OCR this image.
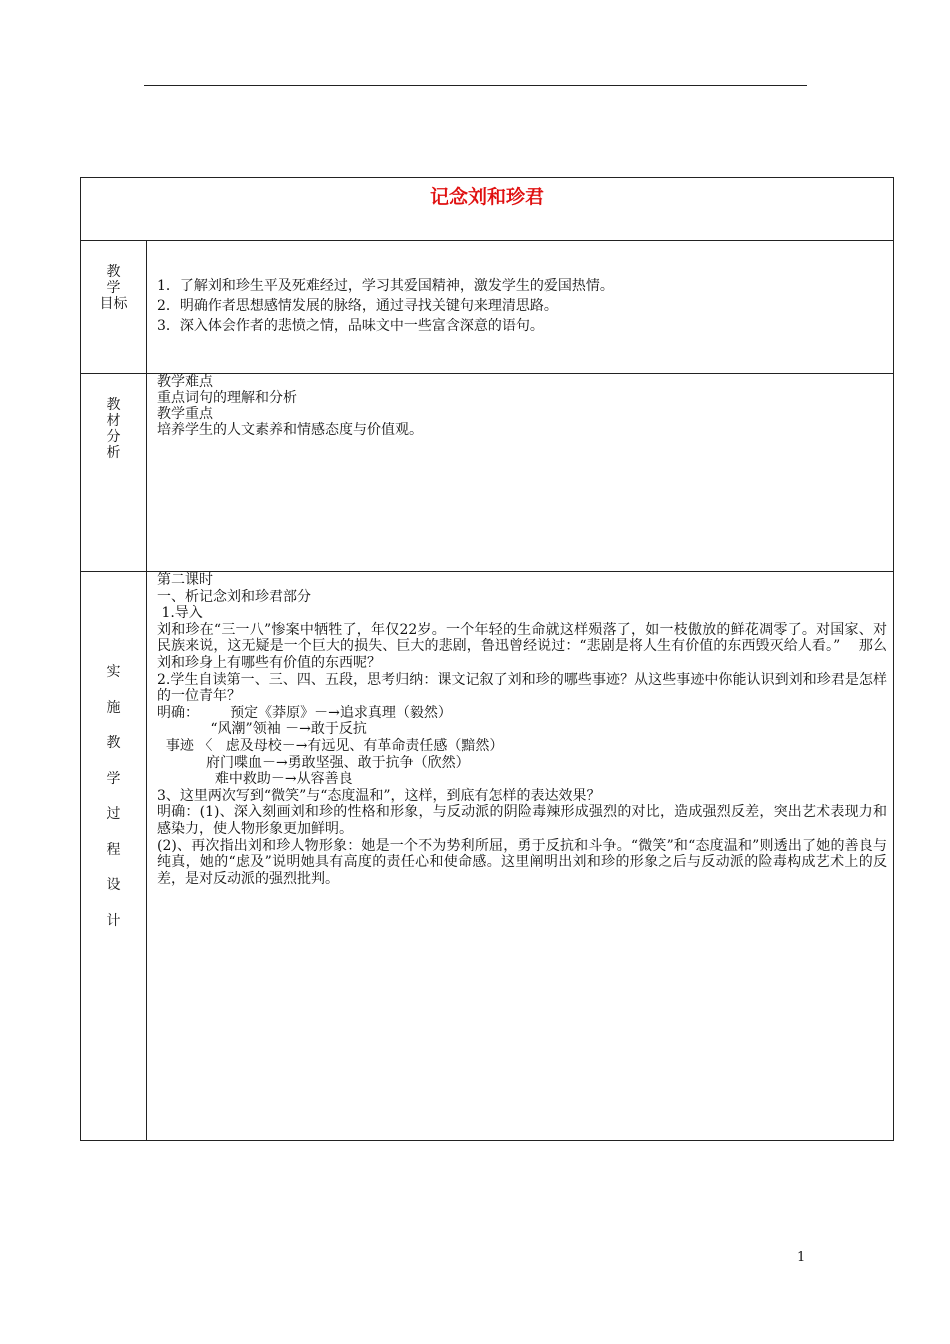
记念刘和珍君
教
学
目标
1．了解刘和珍生平及死难经过，学习其爱国精神，激发学生的爱国热情。
2．明确作者思想感情发展的脉络，通过寻找关键句来理清思路。
3．深入体会作者的悲愤之情，品味文中一些富含深意的语句。
教
材
分
析
教学难点
重点词句的理解和分析
教学重点
培养学生的人文素养和情感态度与价值观。
实
施
教
学
过
程
设
计
第二课时
一、析记念刘和珍君部分
1.导入
刘和珍在“三一八”惨案中牺牲了，年仅22岁。一个年轻的生命就这样殒落了，如一枝傲放的鲜花凋零了。对国家、对民族来说，这无疑是一个巨大的损失、巨大的悲剧，鲁迅曾经说过：“悲剧是将人生有价值的东西毁灭给人看。”　 那么刘和珍身上有哪些有价值的东西呢？
2.学生自读第一、三、四、五段，思考归纳：课文记叙了刘和珍的哪些事迹？从这些事迹中你能认识到刘和珍君是怎样的一位青年？
明确：       预定《莽原》－→追求真理（毅然）
“风潮”领袖 －→敢于反抗
事迹 〈   虑及母校－→有远见、有革命责任感（黯然）
府门喋血－→勇敢坚强、敢于抗争（欣然）
难中救助－→从容善良
3、这里两次写到“微笑”与“态度温和”，这样，到底有怎样的表达效果？
明确：(1)、深入刻画刘和珍的性格和形象，与反动派的阴险毒辣形成强烈的对比，造成强烈反差，突出艺术表现力和感染力，使人物形象更加鲜明。
(2)、再次指出刘和珍人物形象：她是一个不为势利所屈，勇于反抗和斗争。“微笑”和“态度温和”则透出了她的善良与纯真，她的“虑及”说明她具有高度的责任心和使命感。这里阐明出刘和珍的形象之后与反动派的险毒构成艺术上的反差，是对反动派的强烈批判。
1
